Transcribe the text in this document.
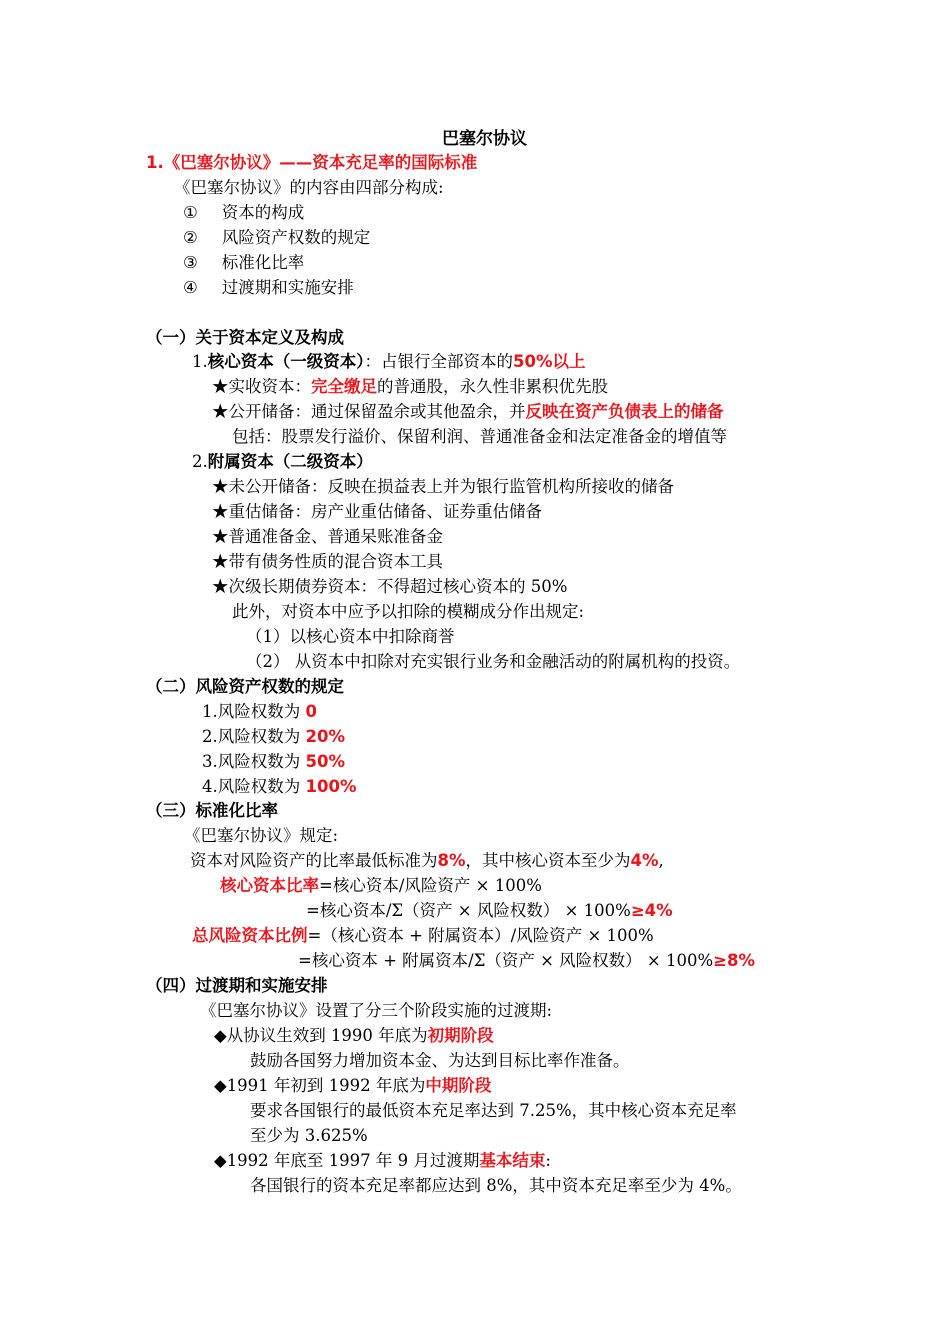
巴塞尔协议
1.《巴塞尔协议》——资本充足率的国际标准
《巴塞尔协议》的内容由四部分构成:
① 资本的构成
② 风险资产权数的规定
③ 标准化比率
④ 过渡期和实施安排
（一）关于资本定义及构成
1.核心资本（一级资本）：占银行全部资本的50%以上
★实收资本：完全缴足的普通股，永久性非累积优先股
★公开储备：通过保留盈余或其他盈余，并反映在资产负债表上的储备
包括：股票发行溢价、保留利润、普通准备金和法定准备金的增值等
2.附属资本（二级资本）
★未公开储备：反映在损益表上并为银行监管机构所接收的储备
★重估储备：房产业重估储备、证券重估储备
★普通准备金、普通呆账准备金
★带有债务性质的混合资本工具
★次级长期债券资本：不得超过核心资本的 50%
此外，对资本中应予以扣除的模糊成分作出规定:
（1）以核心资本中扣除商誉
（2） 从资本中扣除对充实银行业务和金融活动的附属机构的投资。
（二）风险资产权数的规定
1.风险权数为 0
2.风险权数为 20%
3.风险权数为 50%
4.风险权数为 100%
（三）标准化比率
《巴塞尔协议》规定:
资本对风险资产的比率最低标准为8%，其中核心资本至少为4%,
核心资本比率=核心资本/风险资产 × 100%
=核心资本/Σ（资产 × 风险权数） × 100%≥4%
总风险资本比例=（核心资本 + 附属资本）/风险资产 × 100%
=核心资本 + 附属资本/Σ（资产 × 风险权数） × 100%≥8%
（四）过渡期和实施安排
《巴塞尔协议》设置了分三个阶段实施的过渡期:
◆从协议生效到 1990 年底为初期阶段
鼓励各国努力增加资本金、为达到目标比率作准备。
◆1991 年初到 1992 年底为中期阶段
要求各国银行的最低资本充足率达到 7.25%，其中核心资本充足率
至少为 3.625%
◆1992 年底至 1997 年 9 月过渡期基本结束:
各国银行的资本充足率都应达到 8%，其中资本充足率至少为 4%。
